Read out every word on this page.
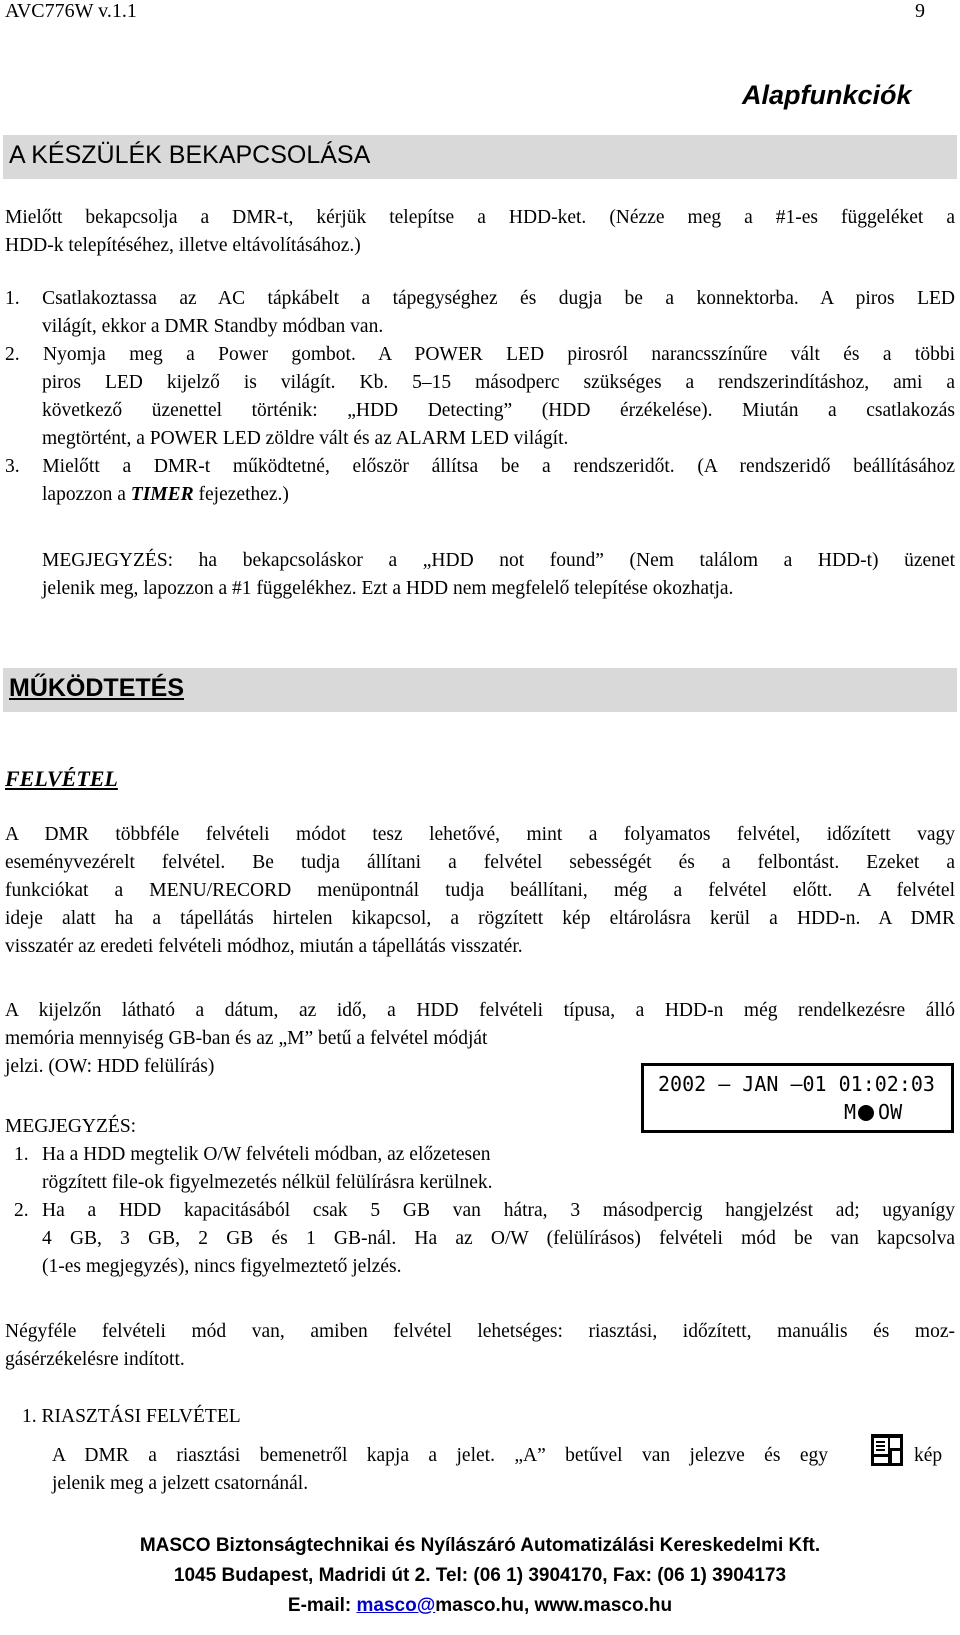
AVC776W v.1.1	9
Alapfunkciók
A KÉSZÜLÉK BEKAPCSOLÁSA
Mielőtt bekapcsolja a DMR-t, kérjük telepítse a HDD-ket. (Nézze meg a #1-es függeléket a
HDD-k telepítéséhez, illetve eltávolításához.)
1. Csatlakoztassa az AC tápkábelt a tápegységhez és dugja be a konnektorba. A piros LED
világít, ekkor a DMR Standby módban van.
2. Nyomja meg a Power gombot. A POWER LED pirosról narancsszínűre vált és a többi
piros LED kijelző is világít. Kb. 5–15 másodperc szükséges a rendszerindításhoz, ami a
következő üzenettel történik: „HDD Detecting” (HDD érzékelése). Miután a csatlakozás
megtörtént, a POWER LED zöldre vált és az ALARM LED világít.
3. Mielőtt a DMR-t működtetné, először állítsa be a rendszeridőt. (A rendszeridő beállításához
lapozzon a TIMER fejezethez.)
MEGJEGYZÉS: ha bekapcsoláskor a „HDD not found” (Nem találom a HDD-t) üzenet
jelenik meg, lapozzon a #1 függelékhez. Ezt a HDD nem megfelelő telepítése okozhatja.
MŰKÖDTETÉS
FELVÉTEL
A DMR többféle felvételi módot tesz lehetővé, mint a folyamatos felvétel, időzített vagy
eseményvezérelt felvétel. Be tudja állítani a felvétel sebességét és a felbontást. Ezeket a
funkciókat a MENU/RECORD menüpontnál tudja beállítani, még a felvétel előtt. A felvétel
ideje alatt ha a tápellátás hirtelen kikapcsol, a rögzített kép eltárolásra kerül a HDD-n. A DMR
visszatér az eredeti felvételi módhoz, miután a tápellátás visszatér.
A kijelzőn látható a dátum, az idő, a HDD felvételi típusa, a HDD-n még rendelkezésre álló
memória mennyiség GB-ban és az „M” betű a felvétel módját
jelzi. (OW: HDD felülírás)
2002 – JAN –01 01:02:03
M OW
MEGJEGYZÉS:
1. Ha a HDD megtelik O/W felvételi módban, az előzetesen
rögzített file-ok figyelmezetés nélkül felülírásra kerülnek.
2. Ha a HDD kapacitásából csak 5 GB van hátra, 3 másodpercig hangjelzést ad; ugyanígy
4 GB, 3 GB, 2 GB és 1 GB-nál. Ha az O/W (felülírásos) felvételi mód be van kapcsolva
(1-es megjegyzés), nincs figyelmeztető jelzés.
Négyféle felvételi mód van, amiben felvétel lehetséges: riasztási, időzített, manuális és moz-
gásérzékelésre indított.
1. RIASZTÁSI FELVÉTEL
A DMR a riasztási bemenetről kapja a jelet. „A” betűvel van jelezve és egy	kép
jelenik meg a jelzett csatornánál.
MASCO Biztonságtechnikai és Nyílászáró Automatizálási Kereskedelmi Kft.
1045 Budapest, Madridi út 2. Tel: (06 1) 3904170, Fax: (06 1) 3904173
E-mail: masco@masco.hu, www.masco.hu
